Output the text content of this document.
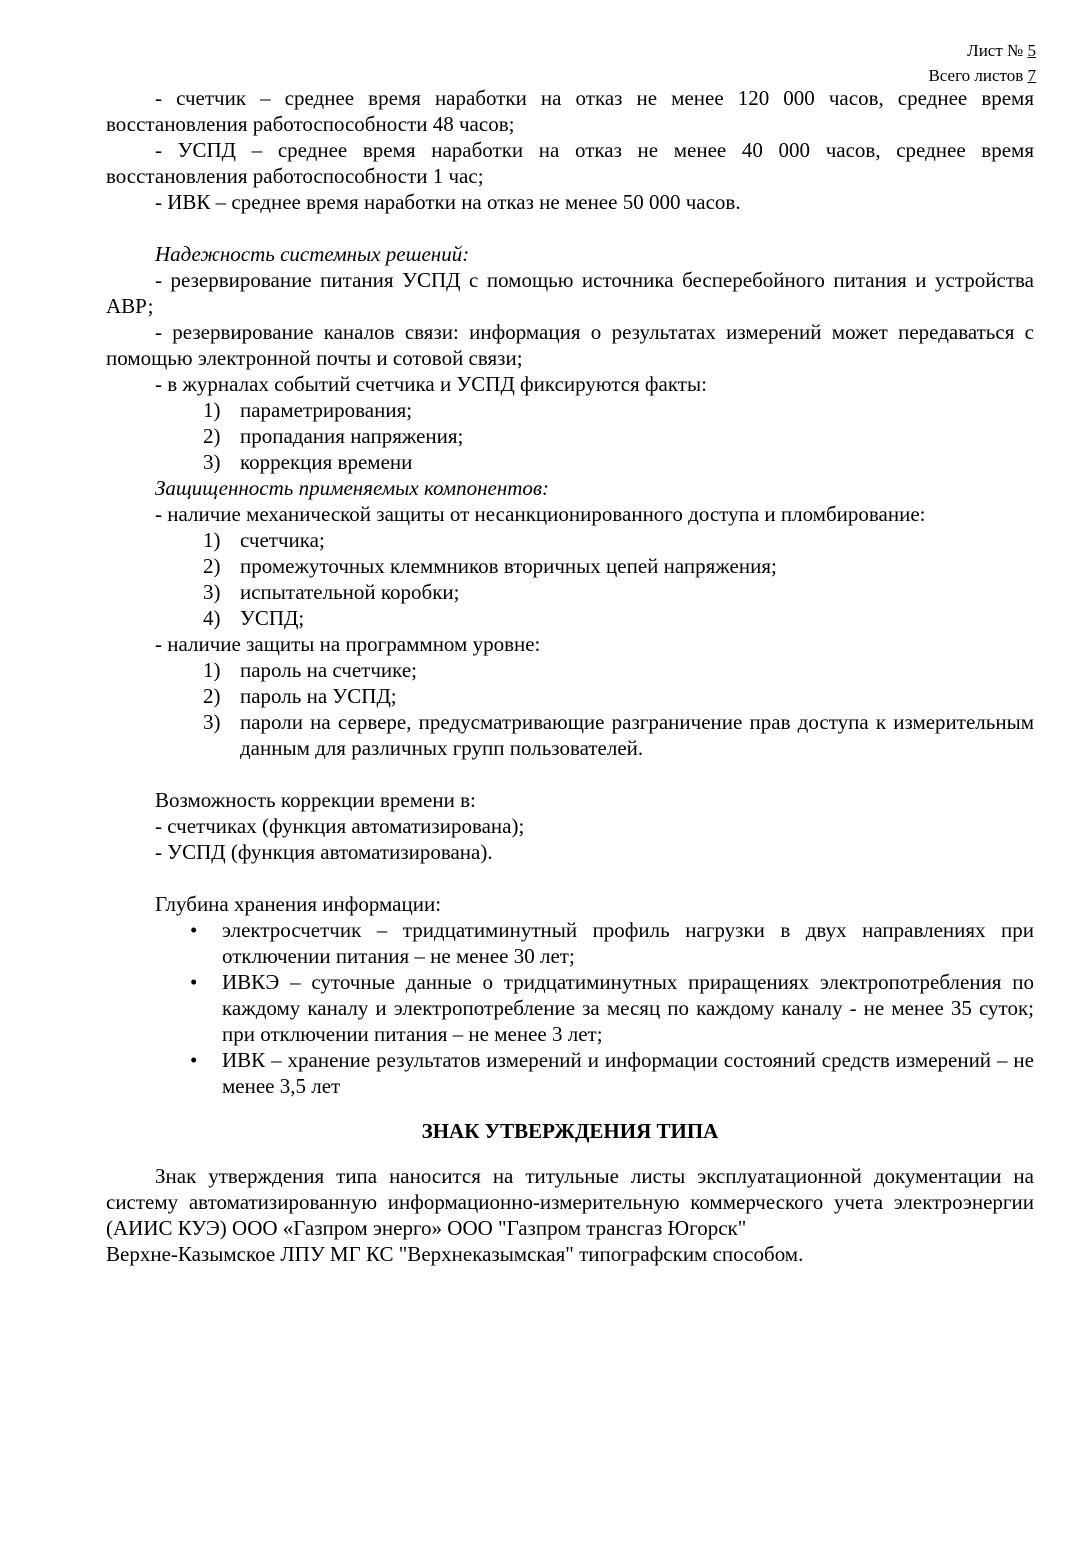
Лист № 5
Всего листов 7

- счетчик – среднее время наработки на отказ не менее 120 000 часов, среднее время восстановления работоспособности 48 часов;

- УСПД – среднее время наработки на отказ не менее 40 000 часов, среднее время восстановления работоспособности 1 час;

- ИВК – среднее время наработки на отказ не менее 50 000 часов.

Надежность системных решений:

- резервирование питания УСПД с помощью источника бесперебойного питания и устройства АВР;

- резервирование каналов связи: информация о результатах измерений может передаваться с помощью электронной почты и сотовой связи;

- в журналах событий счетчика и УСПД фиксируются факты:

1) параметрирования;
2) пропадания напряжения;
3) коррекция времени

Защищенность применяемых компонентов:

- наличие механической защиты от несанкционированного доступа и пломбирование:

1) счетчика;
2) промежуточных клеммников вторичных цепей напряжения;
3) испытательной коробки;
4) УСПД;

- наличие защиты на программном уровне:

1) пароль на счетчике;
2) пароль на УСПД;
3) пароли на сервере, предусматривающие разграничение прав доступа к измерительным данным для различных групп пользователей.

Возможность коррекции времени в:

- счетчиках (функция автоматизирована);

- УСПД (функция автоматизирована).

Глубина хранения информации:

• электросчетчик – тридцатиминутный профиль нагрузки в двух направлениях при отключении питания – не менее 30 лет;
• ИВКЭ – суточные данные о тридцатиминутных приращениях электропотребления по каждому каналу и электропотребление за месяц по каждому каналу - не менее 35 суток; при отключении питания – не менее 3 лет;
• ИВК – хранение результатов измерений и информации состояний средств измерений – не менее 3,5 лет
ЗНАК УТВЕРЖДЕНИЯ ТИПА

Знак утверждения типа наносится на титульные листы эксплуатационной документации на систему автоматизированную информационно-измерительную коммерческого учета электроэнергии (АИИС КУЭ) ООО «Газпром энерго» ООО "Газпром трансгаз Югорск"

Верхне-Казымское ЛПУ МГ КС "Верхнеказымская" типографским способом.
